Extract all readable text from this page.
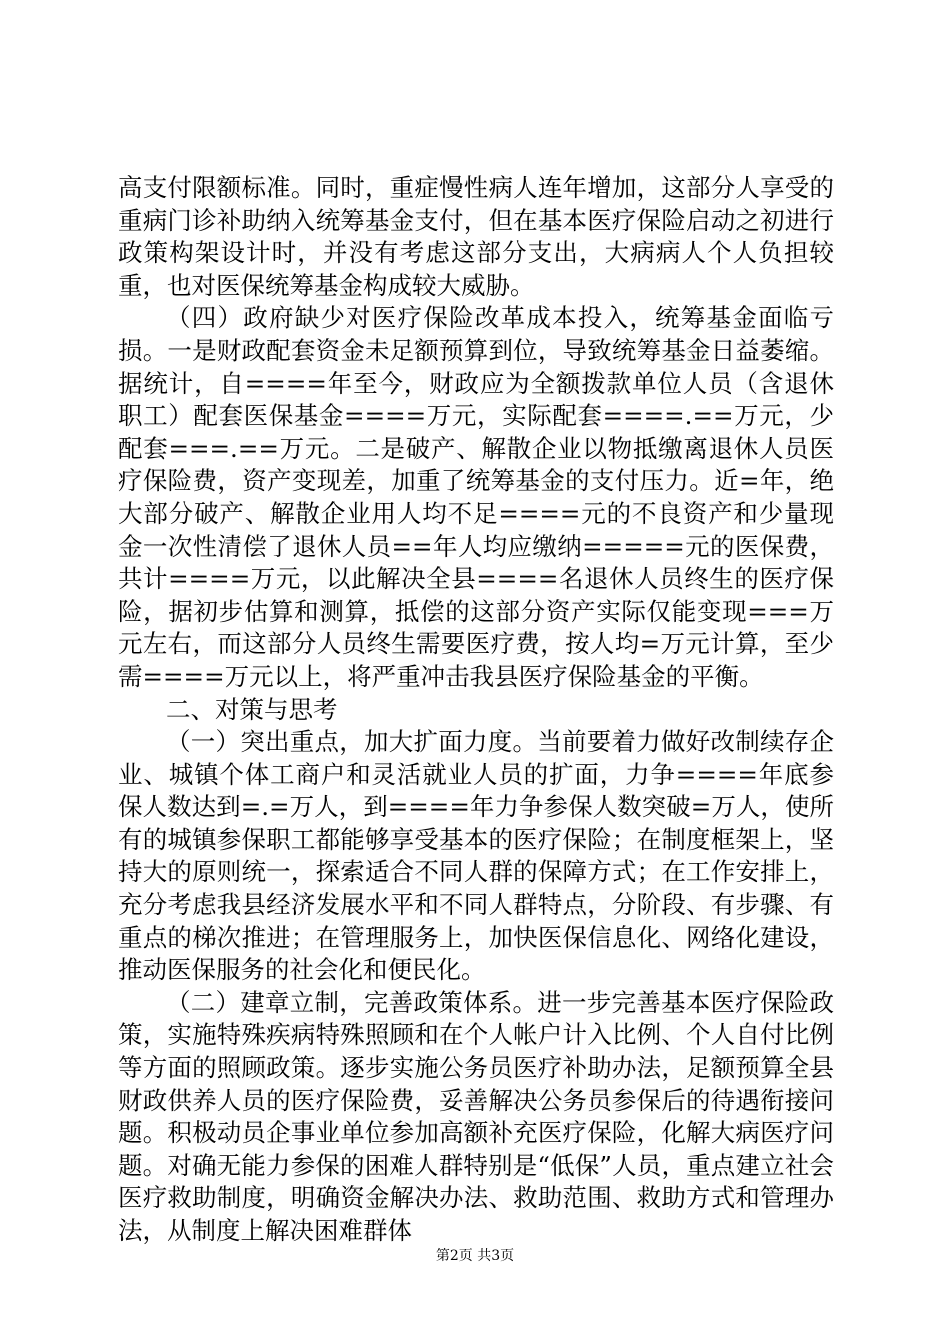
高支付限额标准。同时，重症慢性病人连年增加，这部分人享受的重病门诊补助纳入统筹基金支付，但在基本医疗保险启动之初进行政策构架设计时，并没有考虑这部分支出，大病病人个人负担较重，也对医保统筹基金构成较大威胁。

（四）政府缺少对医疗保险改革成本投入，统筹基金面临亏损。一是财政配套资金未足额预算到位，导致统筹基金日益萎缩。据统计，自====年至今，财政应为全额拨款单位人员（含退休职工）配套医保基金====万元，实际配套====.==万元，少配套===.==万元。二是破产、解散企业以物抵缴离退休人员医疗保险费，资产变现差，加重了统筹基金的支付压力。近=年，绝大部分破产、解散企业用人均不足====元的不良资产和少量现金一次性清偿了退休人员==年人均应缴纳=====元的医保费，共计====万元，以此解决全县====名退休人员终生的医疗保险，据初步估算和测算，抵偿的这部分资产实际仅能变现===万元左右，而这部分人员终生需要医疗费，按人均=万元计算，至少需====万元以上，将严重冲击我县医疗保险基金的平衡。

二、对策与思考

（一）突出重点，加大扩面力度。当前要着力做好改制续存企业、城镇个体工商户和灵活就业人员的扩面，力争====年底参保人数达到=.=万人，到====年力争参保人数突破=万人，使所有的城镇参保职工都能够享受基本的医疗保险；在制度框架上，坚持大的原则统一，探索适合不同人群的保障方式；在工作安排上，充分考虑我县经济发展水平和不同人群特点，分阶段、有步骤、有重点的梯次推进；在管理服务上，加快医保信息化、网络化建设，推动医保服务的社会化和便民化。

（二）建章立制，完善政策体系。进一步完善基本医疗保险政策，实施特殊疾病特殊照顾和在个人帐户计入比例、个人自付比例等方面的照顾政策。逐步实施公务员医疗补助办法，足额预算全县财政供养人员的医疗保险费，妥善解决公务员参保后的待遇衔接问题。积极动员企事业单位参加高额补充医疗保险，化解大病医疗问题。对确无能力参保的困难人群特别是“低保”人员，重点建立社会医疗救助制度，明确资金解决办法、救助范围、救助方式和管理办法，从制度上解决困难群体

第2页 共3页
